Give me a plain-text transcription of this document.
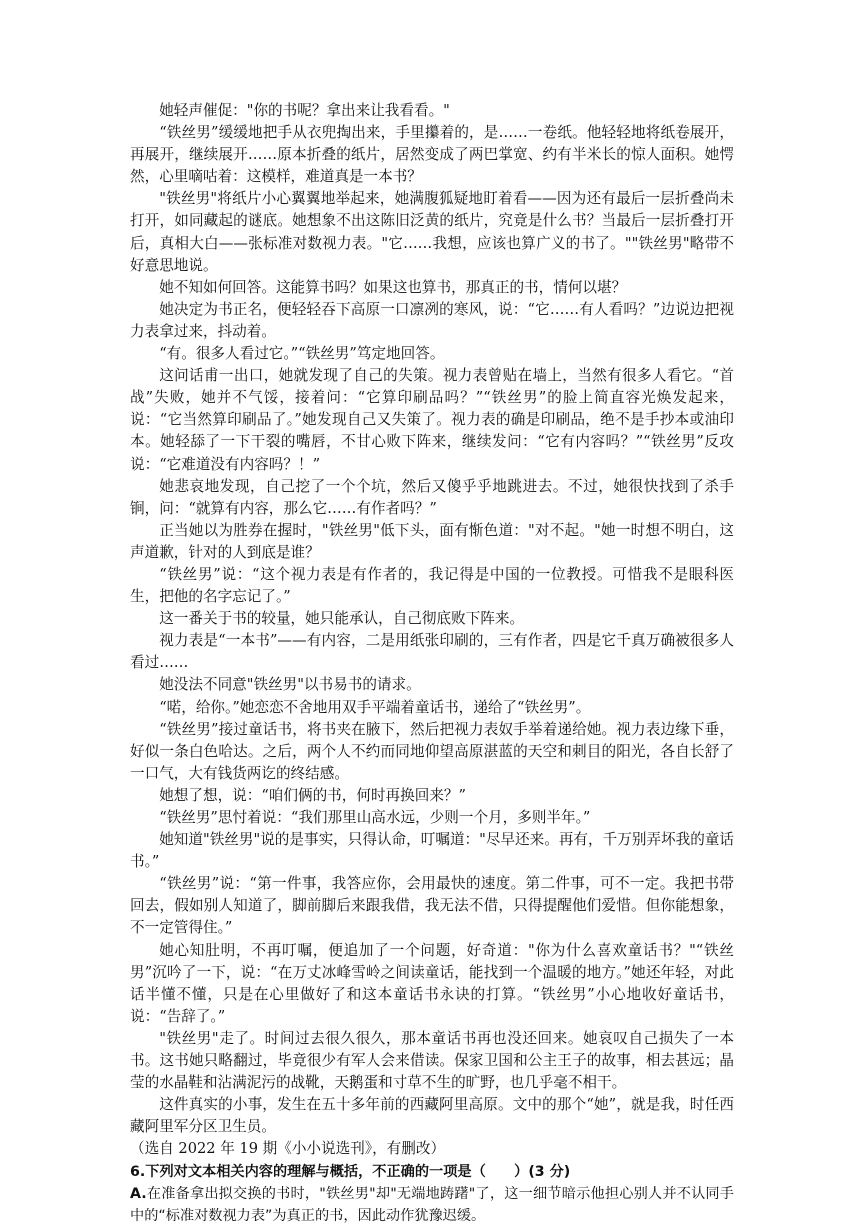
她轻声催促："你的书呢？拿出来让我看看。"

“铁丝男”缓缓地把手从衣兜掏出来，手里攥着的，是……一卷纸。他轻轻地将纸卷展开，再展开，继续展开……原本折叠的纸片，居然变成了两巴掌宽、约有半米长的惊人面积。她愕然，心里嘀咕着：这模样，难道真是一本书？

"铁丝男"将纸片小心翼翼地举起来，她满腹狐疑地盯着看——因为还有最后一层折叠尚未打开，如同藏起的谜底。她想象不出这陈旧泛黄的纸片，究竟是什么书？当最后一层折叠打开后，真相大白——张标准对数视力表。"它……我想，应该也算广义的书了。""铁丝男"略带不好意思地说。

她不知如何回答。这能算书吗？如果这也算书，那真正的书，情何以堪？

她决定为书正名，便轻轻吞下高原一口凛冽的寒风，说：“它……有人看吗？”边说边把视力表拿过来，抖动着。

“有。很多人看过它。”“铁丝男”笃定地回答。

这问话甫一出口，她就发现了自己的失策。视力表曾贴在墙上，当然有很多人看它。“首战”失败，她并不气馁，接着问：“它算印刷品吗？”“铁丝男”的脸上简直容光焕发起来，说：“它当然算印刷品了。”她发现自己又失策了。视力表的确是印刷品，绝不是手抄本或油印本。她轻舔了一下干裂的嘴唇，不甘心败下阵来，继续发问：“它有内容吗？”“铁丝男”反攻说：“它难道没有内容吗？！”

她悲哀地发现，自己挖了一个个坑，然后又傻乎乎地跳进去。不过，她很快找到了杀手锏，问：“就算有内容，那么它……有作者吗？”

正当她以为胜券在握时，"铁丝男"低下头，面有惭色道："对不起。"她一时想不明白，这声道歉，针对的人到底是谁？

“铁丝男”说：“这个视力表是有作者的，我记得是中国的一位教授。可惜我不是眼科医生，把他的名字忘记了。”

这一番关于书的较量，她只能承认，自己彻底败下阵来。

视力表是“一本书”——有内容，二是用纸张印刷的，三有作者，四是它千真万确被很多人看过……

她没法不同意"铁丝男"以书易书的请求。

“喏，给你。”她恋恋不舍地用双手平端着童话书，递给了“铁丝男”。

“铁丝男”接过童话书，将书夹在腋下，然后把视力表奴手举着递给她。视力表边缘下垂，好似一条白色哈达。之后，两个人不约而同地仰望高原湛蓝的天空和刺目的阳光，各自长舒了一口气，大有钱货两讫的终结感。

她想了想，说：“咱们俩的书，何时再换回来？”

“铁丝男”思忖着说：“我们那里山高水远，少则一个月，多则半年。”

她知道"铁丝男"说的是事实，只得认命，叮嘱道："尽早还来。再有，千万别弄坏我的童话书。”

“铁丝男”说：“第一件事，我答应你，会用最快的速度。第二件事，可不一定。我把书带回去，假如别人知道了，脚前脚后来跟我借，我无法不借，只得提醒他们爱惜。但你能想象，不一定管得住。”

她心知肚明，不再叮嘱，便追加了一个问题，好奇道："你为什么喜欢童话书？"“铁丝男”沉吟了一下，说：“在万丈冰峰雪岭之间读童话，能找到一个温暖的地方。”她还年轻，对此话半懂不懂，只是在心里做好了和这本童话书永诀的打算。“铁丝男”小心地收好童话书，说：“告辞了。”

"铁丝男"走了。时间过去很久很久，那本童话书再也没还回来。她哀叹自己损失了一本书。这书她只略翻过，毕竟很少有军人会来借读。保家卫国和公主王子的故事，相去甚远；晶莹的水晶鞋和沾满泥污的战靴，天鹅蛋和寸草不生的旷野，也几乎毫不相干。

这件真实的小事，发生在五十多年前的西藏阿里高原。文中的那个“她”，就是我，时任西藏阿里军分区卫生员。

（选自 2022 年 19 期《小小说选刊》，有删改）

6.下列对文本相关内容的理解与概括，不正确的一项是（　　）(3 分)

A.在准备拿出拟交换的书时，"铁丝男"却"无端地踌躇"了，这一细节暗示他担心别人并不认同手中的“标准对数视力表”为真正的书，因此动作犹豫迟缓。
